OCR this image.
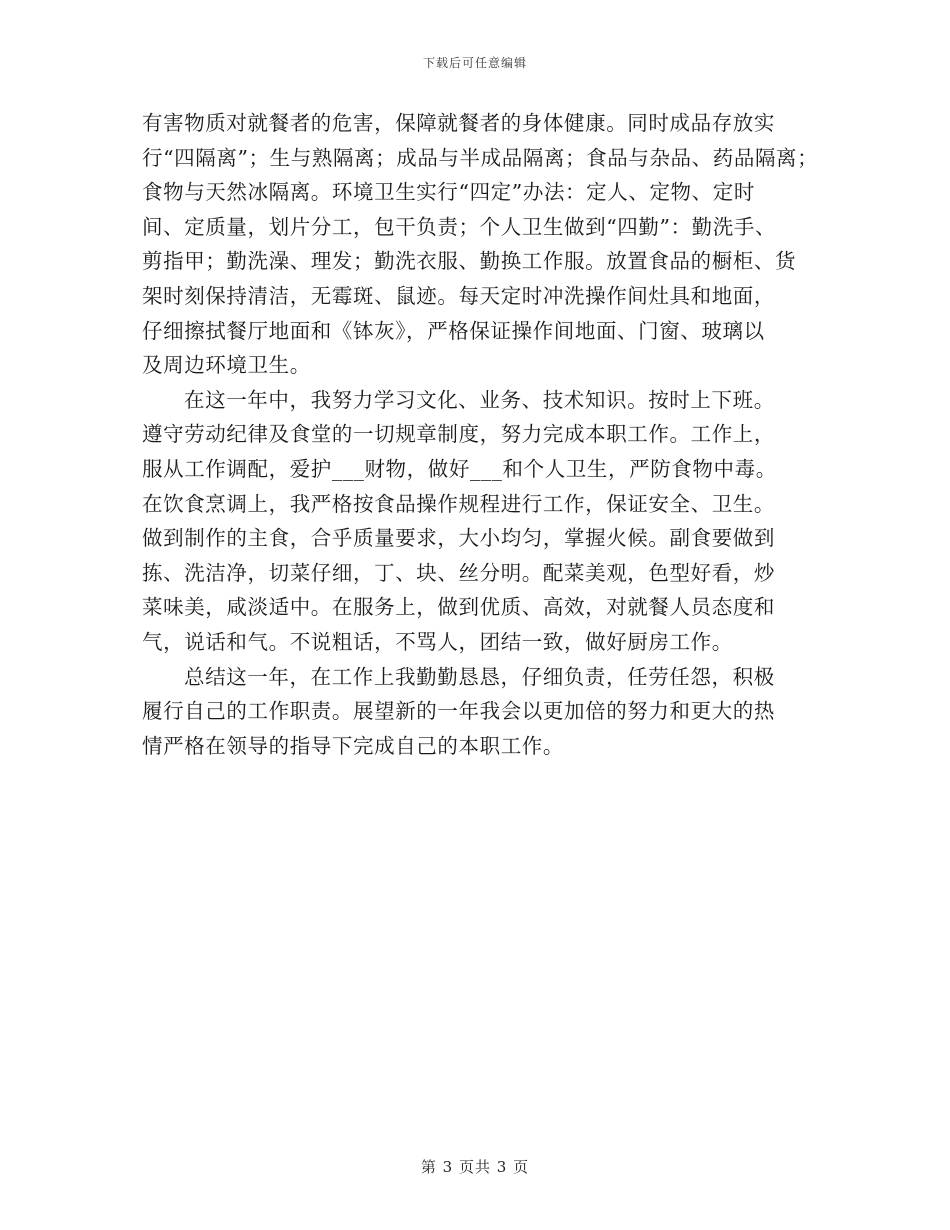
下载后可任意编辑

有害物质对就餐者的危害，保障就餐者的身体健康。同时成品存放实

行“四隔离”；生与熟隔离；成品与半成品隔离；食品与杂品、药品隔离；

食物与天然冰隔离。环境卫生实行“四定”办法：定人、定物、定时

间、定质量，划片分工，包干负责；个人卫生做到“四勤”：勤洗手、

剪指甲；勤洗澡、理发；勤洗衣服、勤换工作服。放置食品的橱柜、货

架时刻保持清洁，无霉斑、鼠迹。每天定时冲洗操作间灶具和地面，

仔细擦拭餐厅地面和《钵灰》，严格保证操作间地面、门窗、玻璃以

及周边环境卫生。

在这一年中，我努力学习文化、业务、技术知识。按时上下班。

遵守劳动纪律及食堂的一切规章制度，努力完成本职工作。工作上，

服从工作调配，爱护___财物，做好___和个人卫生，严防食物中毒。

在饮食烹调上，我严格按食品操作规程进行工作，保证安全、卫生。

做到制作的主食，合乎质量要求，大小均匀，掌握火候。副食要做到

拣、洗洁净，切菜仔细，丁、块、丝分明。配菜美观，色型好看，炒

菜味美，咸淡适中。在服务上，做到优质、高效，对就餐人员态度和

气，说话和气。不说粗话，不骂人，团结一致，做好厨房工作。

总结这一年，在工作上我勤勤恳恳，仔细负责，任劳任怨，积极

履行自己的工作职责。展望新的一年我会以更加倍的努力和更大的热

情严格在领导的指导下完成自己的本职工作。

第 3 页共 3 页
